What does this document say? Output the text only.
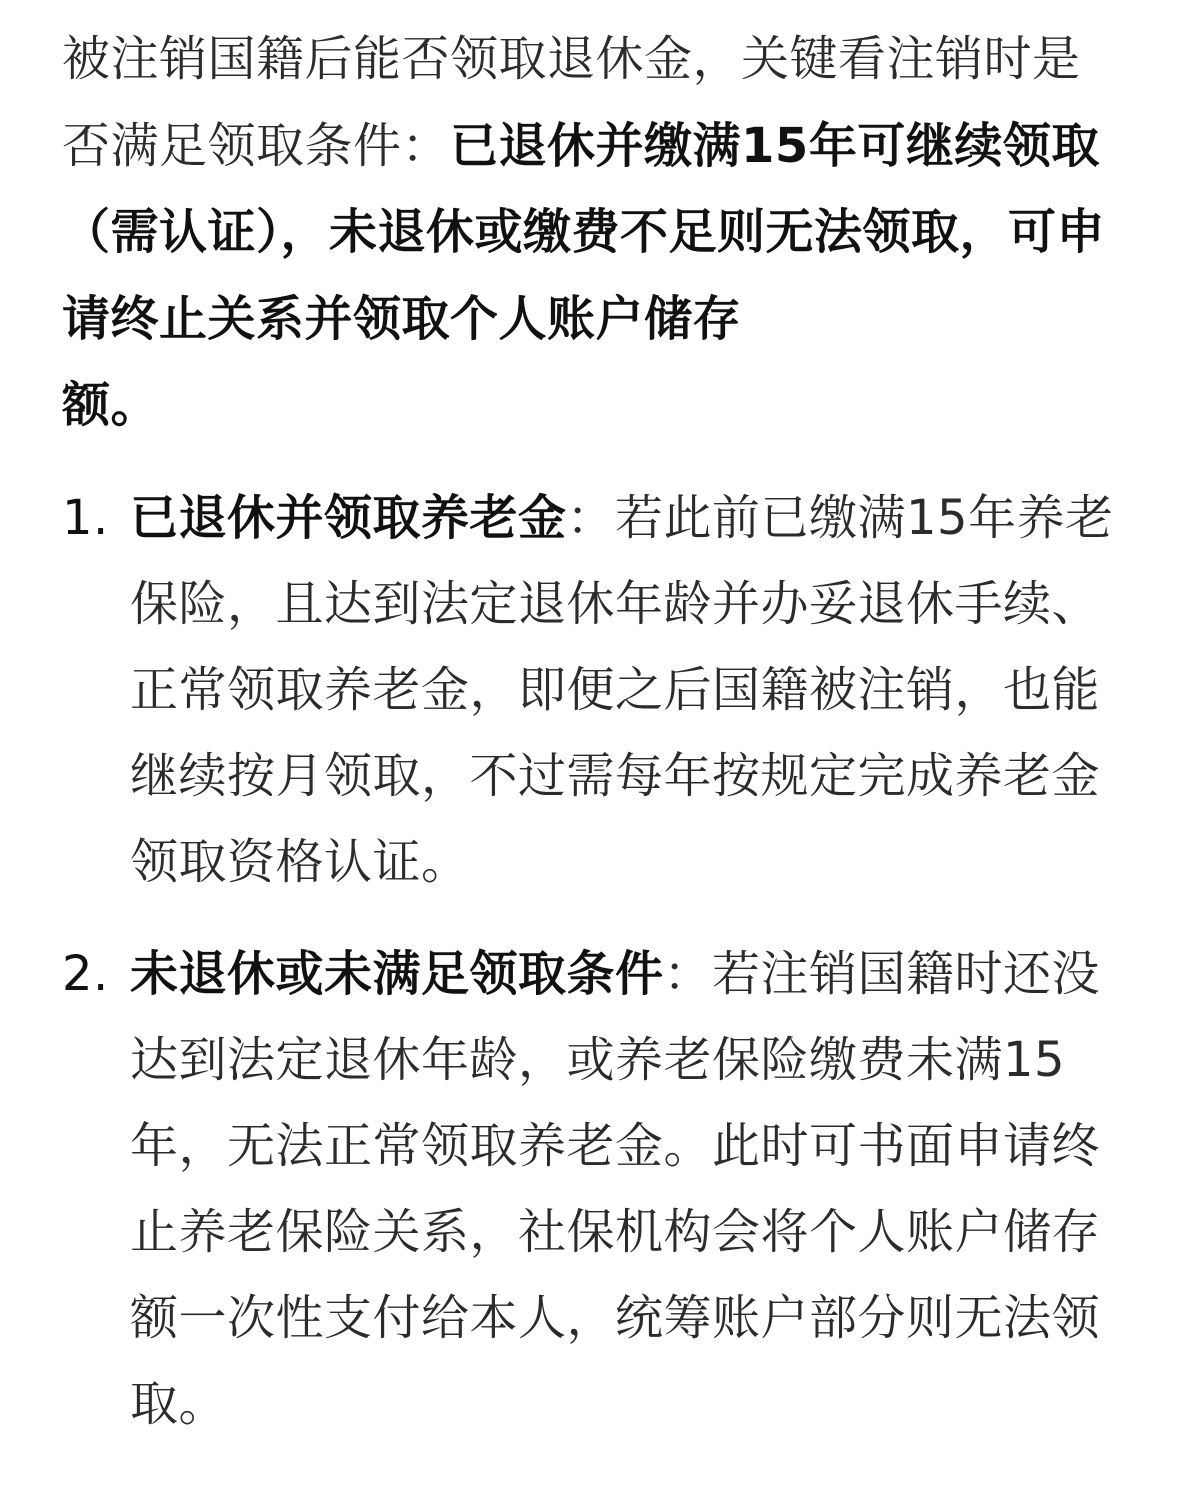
被注销国籍后能否领取退休金，关键看注销时是否满足领取条件：已退休并缴满15年可继续领取（需认证），未退休或缴费不足则无法领取，可申请终止关系并领取个人账户储存
额。

1. 已退休并领取养老金：若此前已缴满15年养老保险，且达到法定退休年龄并办妥退休手续、正常领取养老金，即便之后国籍被注销，也能继续按月领取，不过需每年按规定完成养老金领取资格认证。
2. 未退休或未满足领取条件：若注销国籍时还没达到法定退休年龄，或养老保险缴费未满15年，无法正常领取养老金。此时可书面申请终止养老保险关系，社保机构会将个人账户储存额一次性支付给本人，统筹账户部分则无法领取。
